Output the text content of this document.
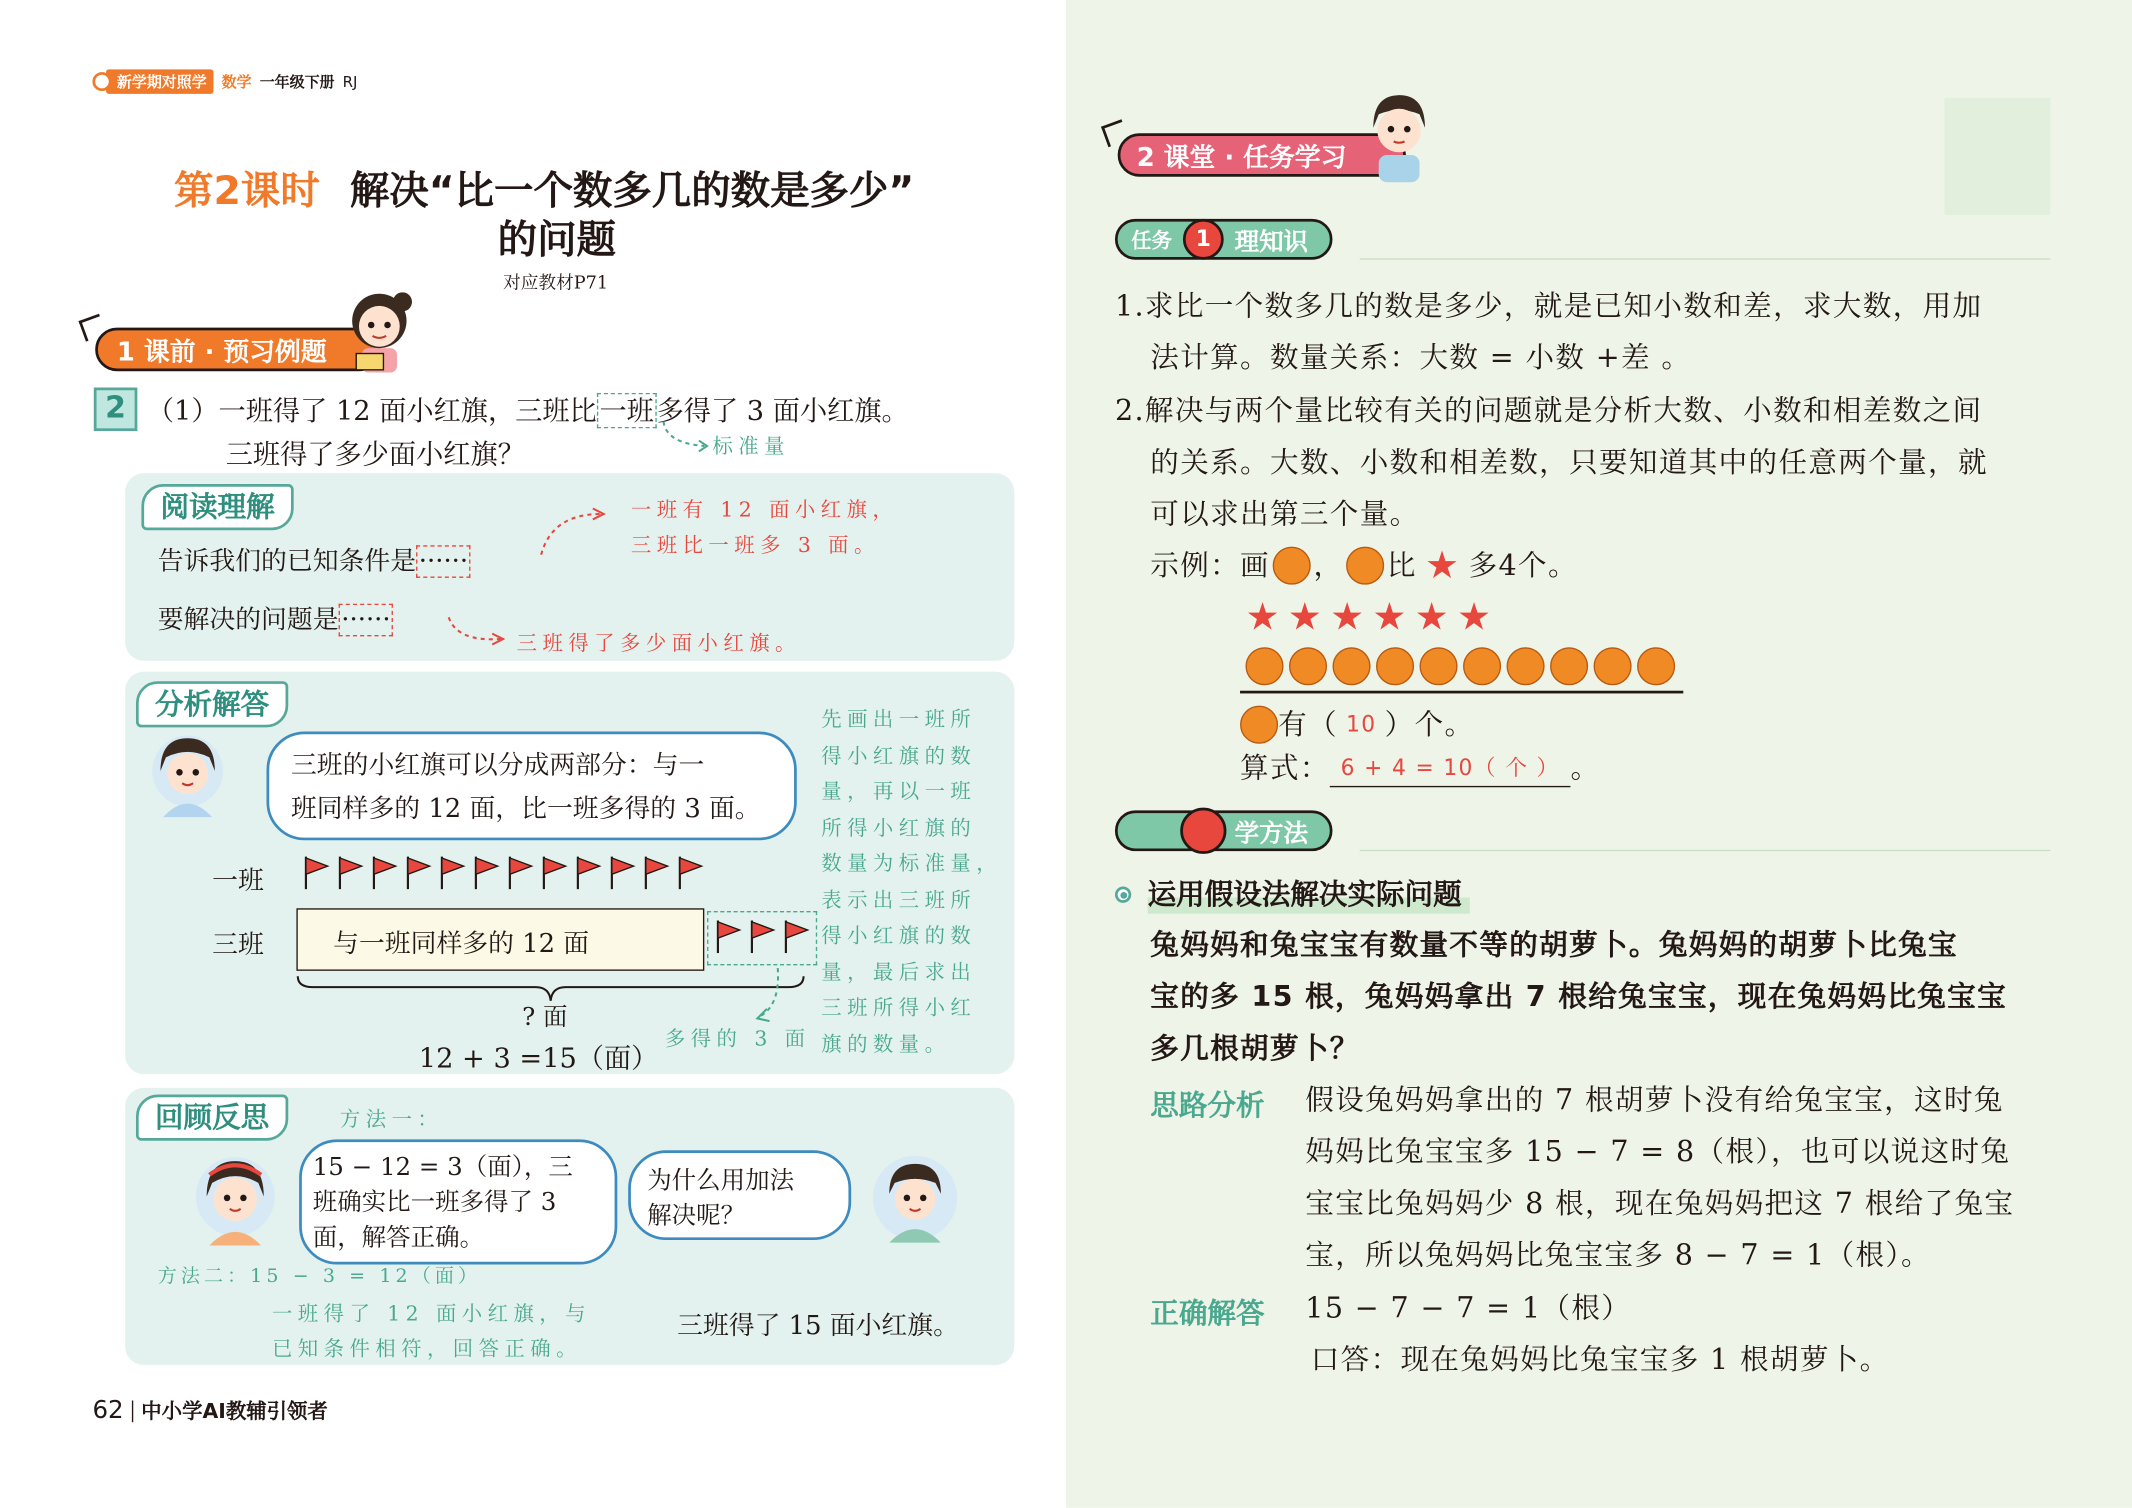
新学期对照学	数学 一年级下册 RJ
第2课时 解决“比一个数多几的数是多少”
的问题
对应教材P71
1 课前 · 预习例题
2	（1）一班得了 12 面小红旗，三班比 一班 多得了 3 面小红旗。
三班得了多少面小红旗？	标准量
阅读理解
告诉我们的已知条件是 ······
一班有 12 面小红旗，
三班比一班多 3 面。
要解决的问题是 ······
三班得了多少面小红旗。
分析解答
三班的小红旗可以分成两部分：与一
班同样多的 12 面，比一班多得的 3 面。
一班
三班	与一班同样多的 12 面
? 面
多得的 3 面
12 + 3 =15（面）
先画出一班所
得小红旗的数
量，再以一班
所得小红旗的
数量为标准量，
表示出三班所
得小红旗的数
量，最后求出
三班所得小红
旗的数量。
回顾反思	方法一：
15 − 12 = 3（面），三
班确实比一班多得了 3
面，解答正确。
为什么用加法
解决呢？
方法二：15 − 3 = 12（面）
一班得了 12 面小红旗，与
已知条件相符，回答正确。
三班得了 15 面小红旗。
62 中小学AI教辅引领者
2 课堂 · 任务学习
任务	1	理知识
1.求比一个数多几的数是多少，就是已知小数和差，求大数，用加
法计算。数量关系：大数 = 小数 +差 。
2.解决与两个量比较有关的问题就是分析大数、小数和相差数之间
的关系。大数、小数和相差数，只要知道其中的任意两个量，就
可以求出第三个量。
示例：画 ， 比 ★ 多4个。
★ ★ ★ ★ ★ ★
有（ 10 ）个。
算式： 6 + 4 = 10（ 个 ） 。
学方法
运用假设法解决实际问题
兔妈妈和兔宝宝有数量不等的胡萝卜。兔妈妈的胡萝卜比兔宝
宝的多 15 根，兔妈妈拿出 7 根给兔宝宝，现在兔妈妈比兔宝宝
多几根胡萝卜？
思路分析 假设兔妈妈拿出的 7 根胡萝卜没有给兔宝宝，这时兔
妈妈比兔宝宝多 15 − 7 = 8（根），也可以说这时兔
宝宝比兔妈妈少 8 根，现在兔妈妈把这 7 根给了兔宝
宝，所以兔妈妈比兔宝宝多 8 − 7 = 1（根）。
正确解答 15 − 7 − 7 = 1（根）
口答：现在兔妈妈比兔宝宝多 1 根胡萝卜。
